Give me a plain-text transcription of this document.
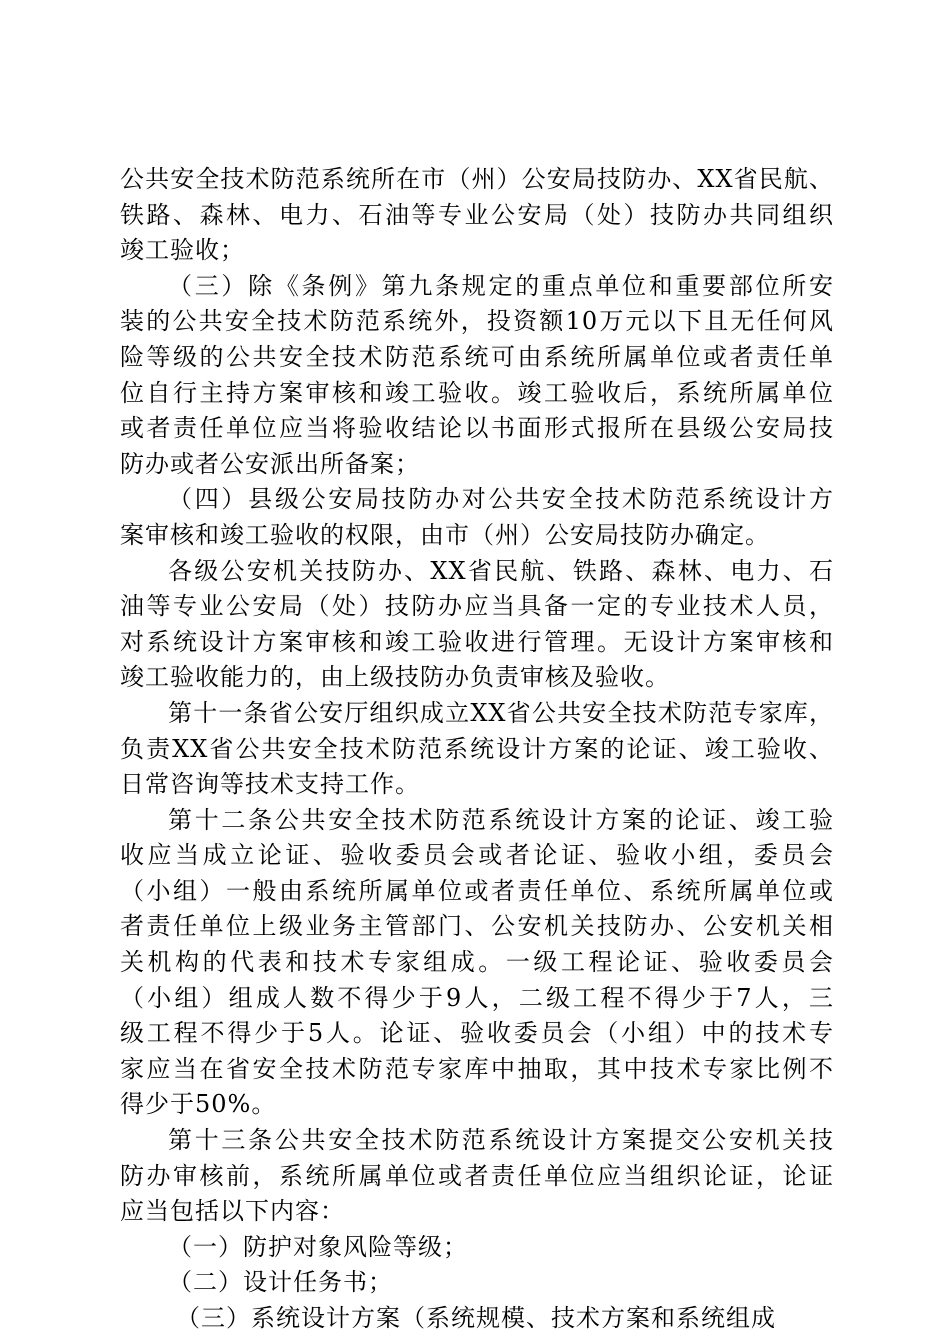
公共安全技术防范系统所在市（州）公安局技防办、XX省民航、
铁路、森林、电力、石油等专业公安局（处）技防办共同组织
竣工验收；
（三）除《条例》第九条规定的重点单位和重要部位所安
装的公共安全技术防范系统外，投资额10万元以下且无任何风
险等级的公共安全技术防范系统可由系统所属单位或者责任单
位自行主持方案审核和竣工验收。竣工验收后，系统所属单位
或者责任单位应当将验收结论以书面形式报所在县级公安局技
防办或者公安派出所备案；
（四）县级公安局技防办对公共安全技术防范系统设计方
案审核和竣工验收的权限，由市（州）公安局技防办确定。
各级公安机关技防办、XX省民航、铁路、森林、电力、石
油等专业公安局（处）技防办应当具备一定的专业技术人员，
对系统设计方案审核和竣工验收进行管理。无设计方案审核和
竣工验收能力的，由上级技防办负责审核及验收。
第十一条省公安厅组织成立XX省公共安全技术防范专家库，
负责XX省公共安全技术防范系统设计方案的论证、竣工验收、
日常咨询等技术支持工作。
第十二条公共安全技术防范系统设计方案的论证、竣工验
收应当成立论证、验收委员会或者论证、验收小组，委员会
（小组）一般由系统所属单位或者责任单位、系统所属单位或
者责任单位上级业务主管部门、公安机关技防办、公安机关相
关机构的代表和技术专家组成。一级工程论证、验收委员会
（小组）组成人数不得少于9人，二级工程不得少于7人，三
级工程不得少于5人。论证、验收委员会（小组）中的技术专
家应当在省安全技术防范专家库中抽取，其中技术专家比例不
得少于50%。
第十三条公共安全技术防范系统设计方案提交公安机关技
防办审核前，系统所属单位或者责任单位应当组织论证，论证
应当包括以下内容：
（一）防护对象风险等级；
（二）设计任务书；
（三）系统设计方案（系统规模、技术方案和系统组成
